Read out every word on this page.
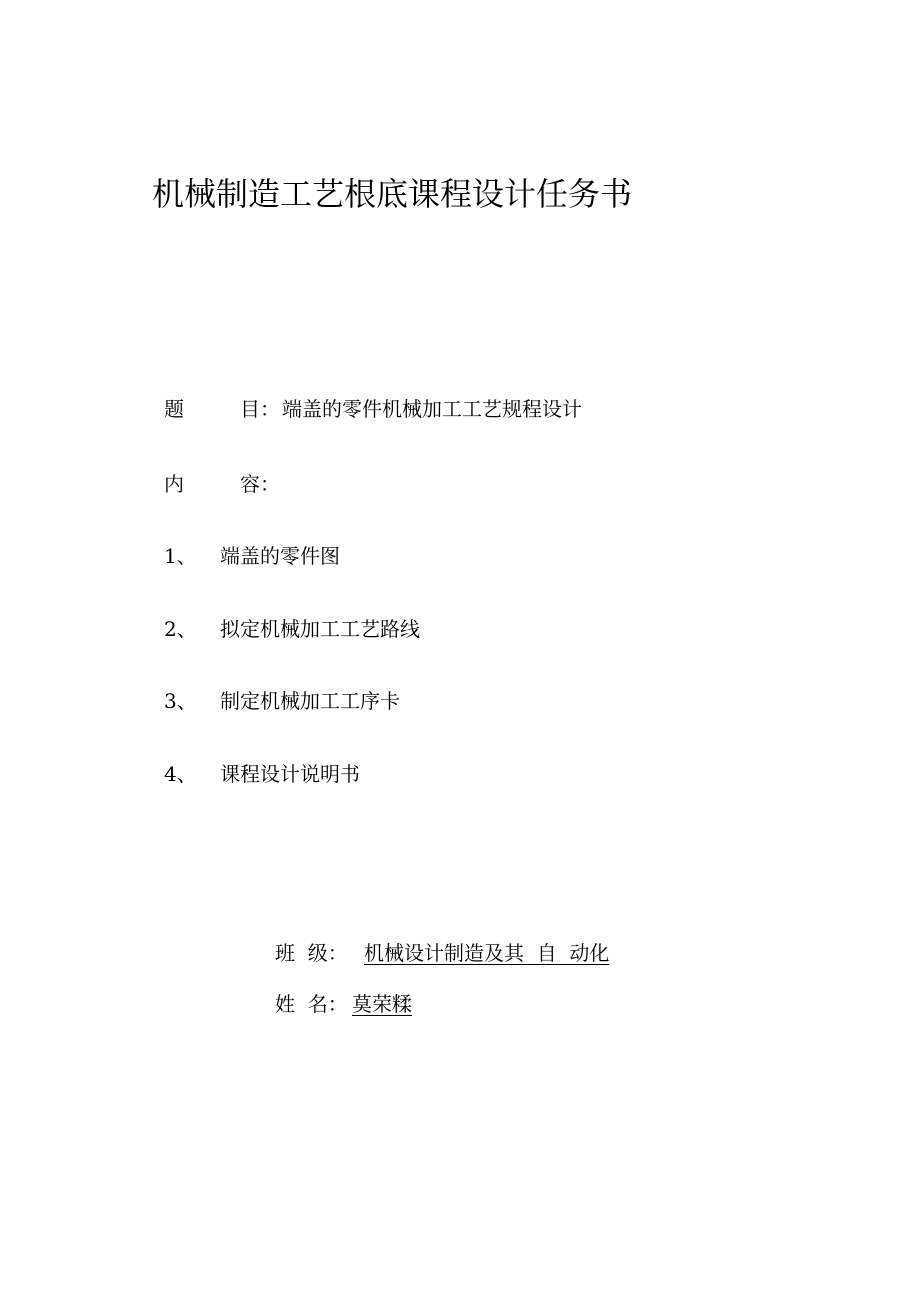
机械制造工艺根底课程设计任务书
题	目： 端盖的零件机械加工工艺规程设计
内	容：
1、 端盖的零件图
2、 拟定机械加工工艺路线
3、 制定机械加工工序卡
4、 课程设计说明书
班  级： 机械设计制造及其  自  动化
姓  名： 莫荣糅
